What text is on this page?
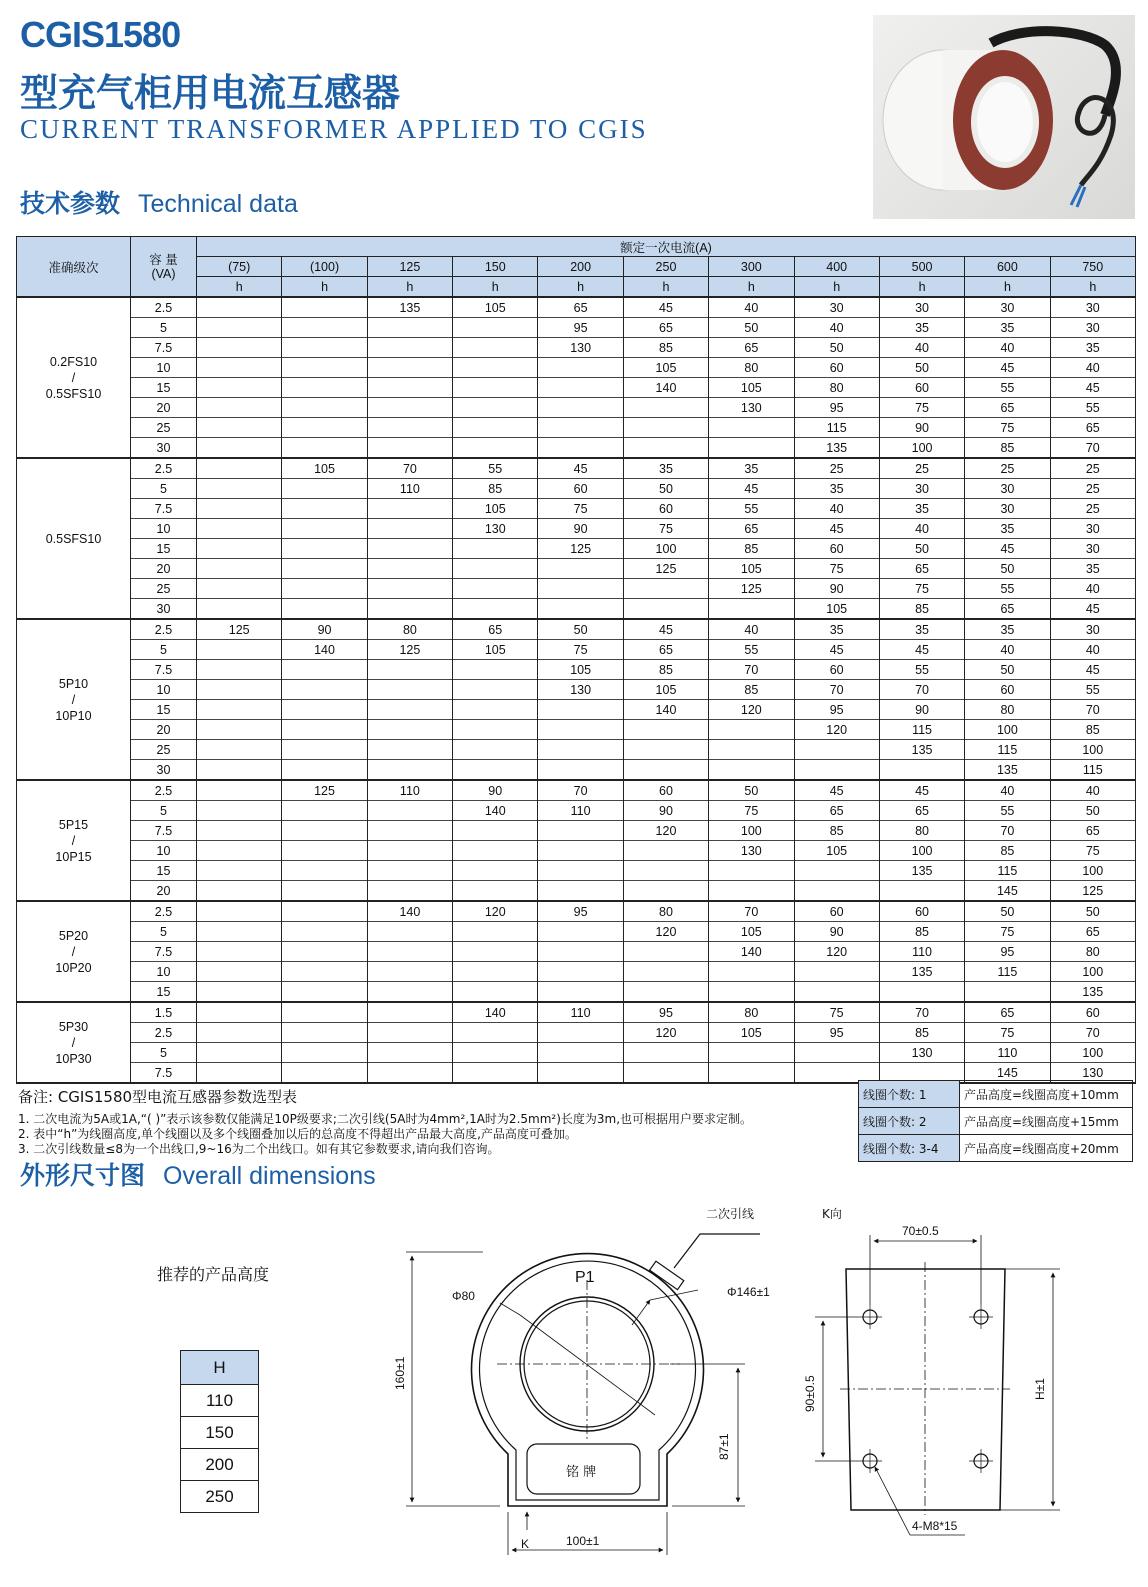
CGIS1580
型充气柜用电流互感器
CURRENT TRANSFORMER APPLIED TO CGIS
技术参数 Technical data
准确级次	容 量
(VA)	额定一次电流(A)										
		(75)	(100)	125	150	200	250	300	400	500	600	750
		h	h	h	h	h	h	h	h	h	h	h
0.2FS10
/
0.5SFS10	2.5			135	105	65	45	40	30	30	30	30
	5					95	65	50	40	35	35	30
	7.5					130	85	65	50	40	40	35
	10						105	80	60	50	45	40
	15						140	105	80	60	55	45
	20							130	95	75	65	55
	25								115	90	75	65
	30								135	100	85	70
0.5SFS10	2.5		105	70	55	45	35	35	25	25	25	25
	5			110	85	60	50	45	35	30	30	25
	7.5				105	75	60	55	40	35	30	25
	10				130	90	75	65	45	40	35	30
	15					125	100	85	60	50	45	30
	20						125	105	75	65	50	35
	25							125	90	75	55	40
	30								105	85	65	45
5P10
/
10P10	2.5	125	90	80	65	50	45	40	35	35	35	30
	5		140	125	105	75	65	55	45	45	40	40
	7.5					105	85	70	60	55	50	45
	10					130	105	85	70	70	60	55
	15						140	120	95	90	80	70
	20								120	115	100	85
	25									135	115	100
	30										135	115
5P15
/
10P15	2.5		125	110	90	70	60	50	45	45	40	40
	5				140	110	90	75	65	65	55	50
	7.5						120	100	85	80	70	65
	10							130	105	100	85	75
	15									135	115	100
	20										145	125
5P20
/
10P20	2.5			140	120	95	80	70	60	60	50	50
	5						120	105	90	85	75	65
	7.5							140	120	110	95	80
	10									135	115	100
	15											135
5P30
/
10P30	1.5				140	110	95	80	75	70	65	60
	2.5						120	105	95	85	75	70
	5									130	110	100
	7.5										145	130
备注: CGIS1580型电流互感器参数选型表
1. 二次电流为5A或1A,“( )”表示该参数仅能满足10P级要求;二次引线(5A时为4mm²,1A时为2.5mm²)长度为3m,也可根据用户要求定制。
2. 表中“h”为线圈高度,单个线圈以及多个线圈叠加以后的总高度不得超出产品最大高度,产品高度可叠加。
3. 二次引线数量≤8为一个出线口,9~16为二个出线口。如有其它参数要求,请向我们咨询。
线圈个数: 1	产品高度=线圈高度+10mm
线圈个数: 2	产品高度=线圈高度+15mm
线圈个数: 3-4	产品高度=线圈高度+20mm
外形尺寸图 Overall dimensions
推荐的产品高度
H
110
150
200
250
二次引线
P1
Φ80	Φ146±1
160±1
87±1
铭 牌
K	100±1
K向
70±0.5
90±0.5	H±1
4-M8*15
